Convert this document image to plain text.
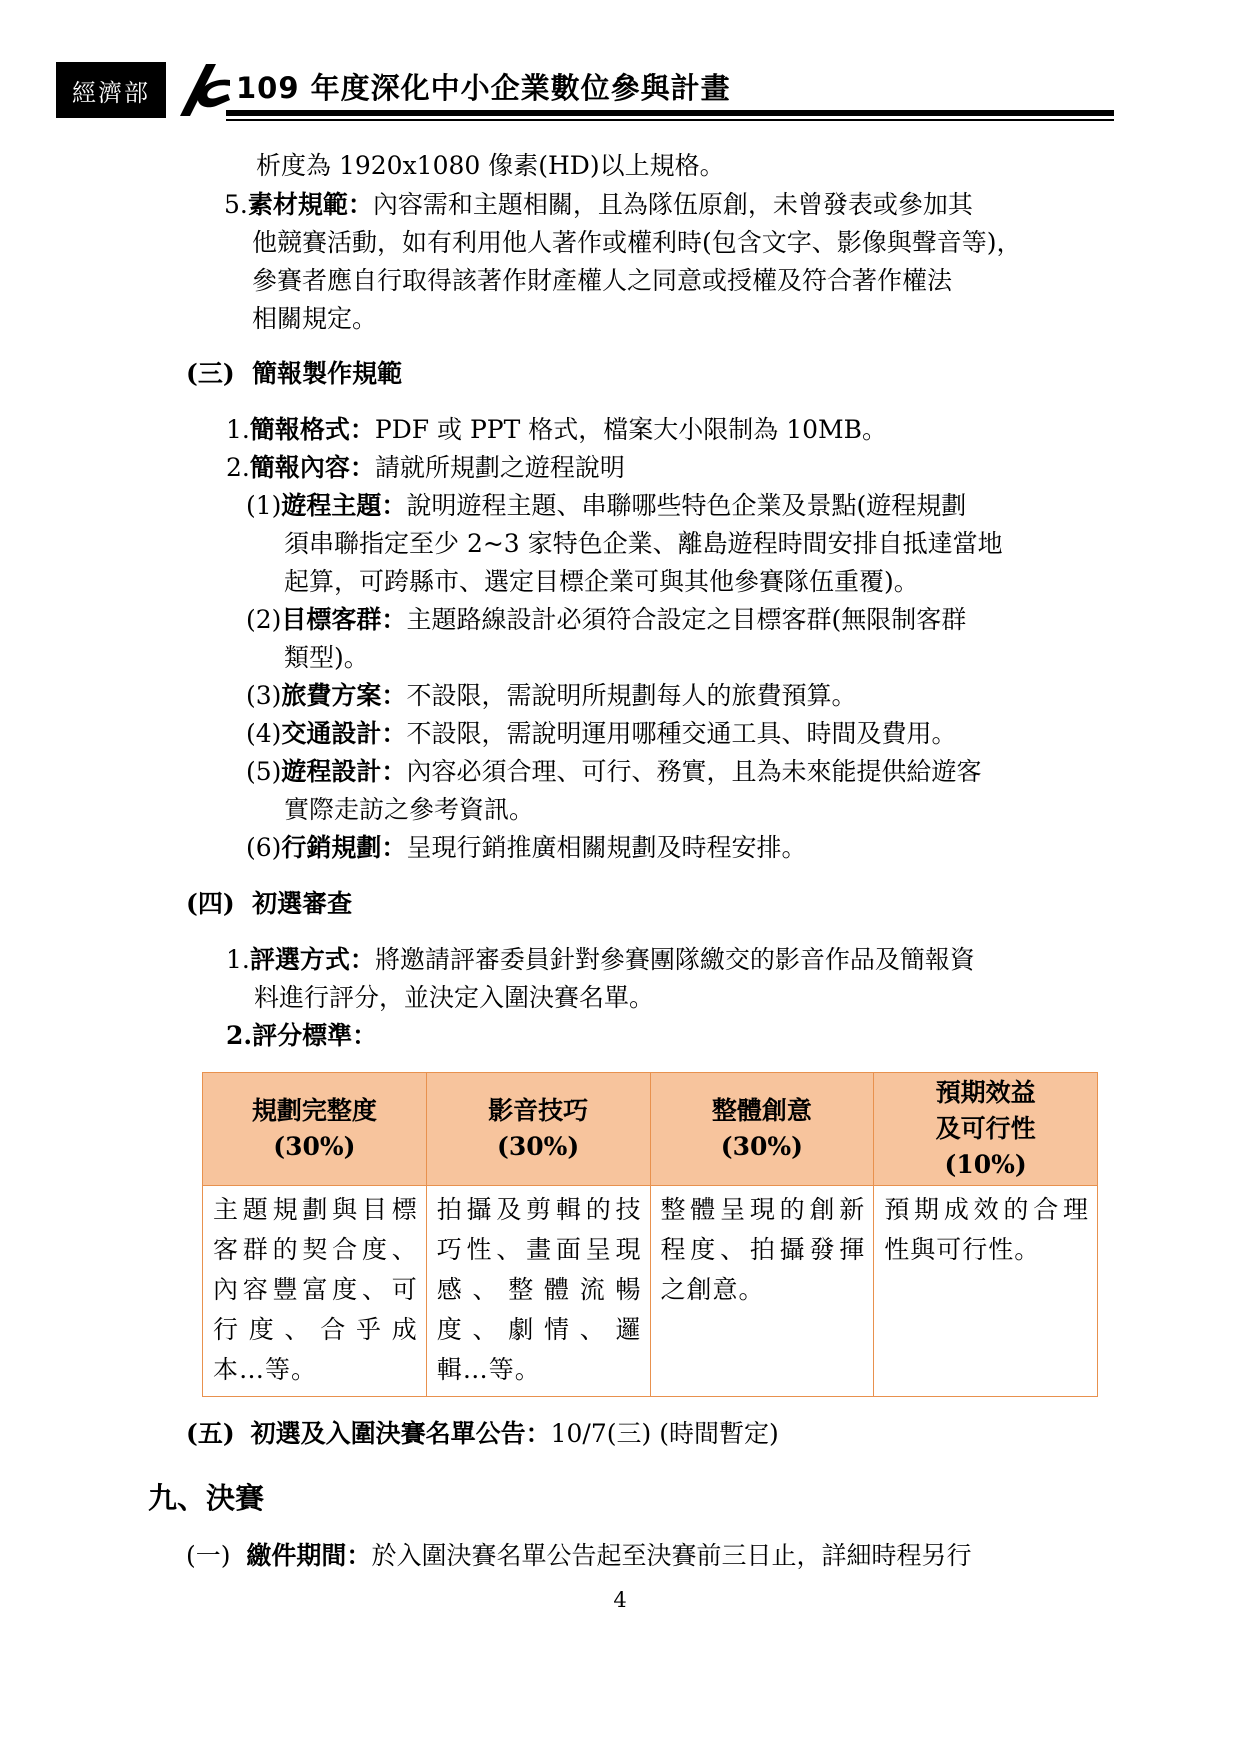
經濟部	109 年度深化中小企業數位參與計畫
析度為 1920x1080 像素(HD)以上規格。
5.素材規範：內容需和主題相關，且為隊伍原創，未曾發表或參加其
他競賽活動，如有利用他人著作或權利時(包含文字、影像與聲音等)，
參賽者應自行取得該著作財產權人之同意或授權及符合著作權法
相關規定。
(三) 簡報製作規範
1.簡報格式：PDF 或 PPT 格式，檔案大小限制為 10MB。
2.簡報內容：請就所規劃之遊程說明
(1)遊程主題：說明遊程主題、串聯哪些特色企業及景點(遊程規劃
須串聯指定至少 2~3 家特色企業、離島遊程時間安排自抵達當地
起算，可跨縣市、選定目標企業可與其他參賽隊伍重覆)。
(2)目標客群：主題路線設計必須符合設定之目標客群(無限制客群
類型)。
(3)旅費方案：不設限，需說明所規劃每人的旅費預算。
(4)交通設計：不設限，需說明運用哪種交通工具、時間及費用。
(5)遊程設計：內容必須合理、可行、務實，且為未來能提供給遊客
實際走訪之參考資訊。
(6)行銷規劃：呈現行銷推廣相關規劃及時程安排。
(四) 初選審查
1.評選方式：將邀請評審委員針對參賽團隊繳交的影音作品及簡報資
料進行評分，並決定入圍決賽名單。
2.評分標準：
規劃完整度
(30%)	影音技巧
(30%)	整體創意
(30%)	預期效益
及可行性
(10%)
主題規劃與目標客群的契合度、內容豐富度、可行度、合乎成本…等。	拍攝及剪輯的技巧性、畫面呈現感、整體流暢度、劇情、邏輯…等。	整體呈現的創新程度、拍攝發揮之創意。	預期成效的合理性與可行性。
(五) 初選及入圍決賽名單公告：10/7(三) (時間暫定)
九、決賽
(一) 繳件期間：於入圍決賽名單公告起至決賽前三日止，詳細時程另行
4
